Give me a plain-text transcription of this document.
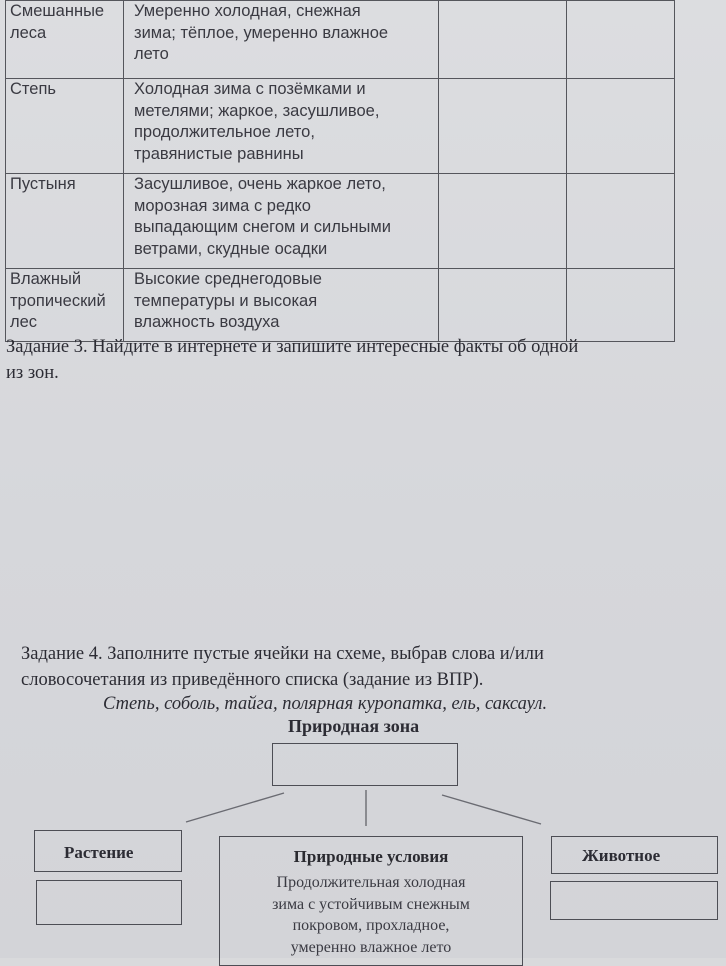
Смешанные
леса	Умеренно холодная, снежная
зима; тёплое, умеренно влажное
лето		
Степь	Холодная зима с позёмками и
метелями; жаркое, засушливое,
продолжительное лето,
травянистые равнины		
Пустыня	Засушливое, очень жаркое лето,
морозная зима с редко
выпадающим снегом и сильными
ветрами, скудные осадки		
Влажный
тропический
лес	Высокие среднегодовые
температуры и высокая
влажность воздуха		
Задание 3. Найдите в интернете и запишите интересные факты об одной
из зон.
Задание 4. Заполните пустые ячейки на схеме, выбрав слова и/или
словосочетания из приведённого списка (задание из ВПР).
Степь, соболь, тайга, полярная куропатка, ель, саксаул.
Природная зона
Растение	Природные условия
Продолжительная холодная
зима с устойчивым снежным
покровом, прохладное,
умеренно влажное лето
Животное
